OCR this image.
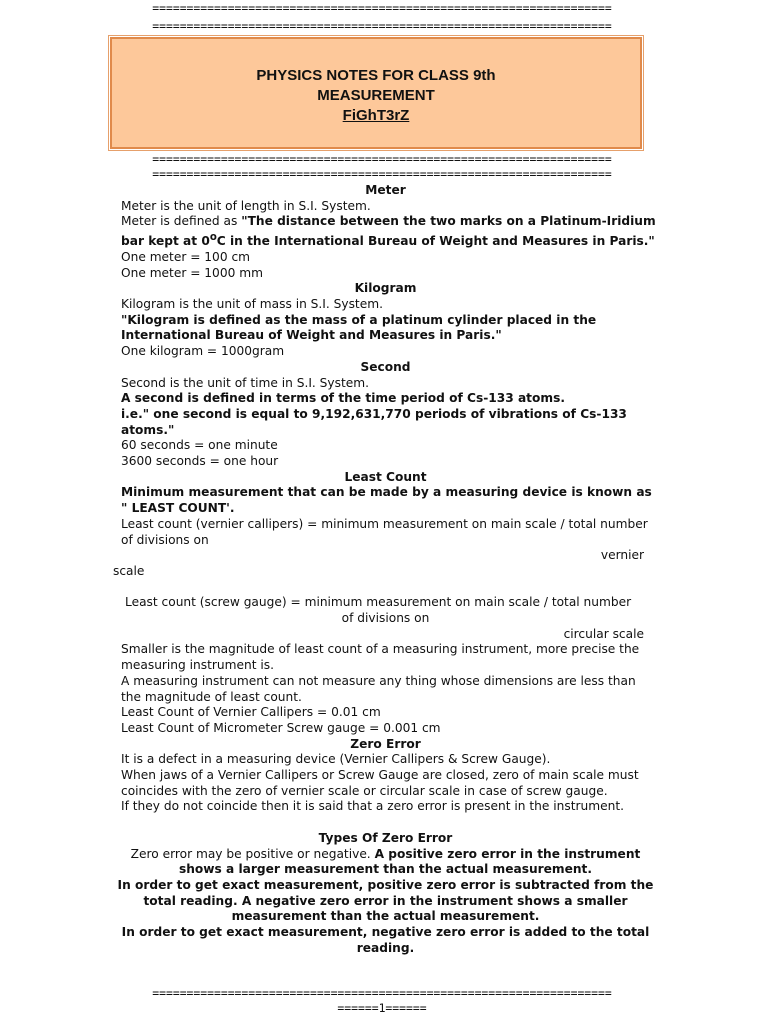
===================================================================
===================================================================
PHYSICS NOTES FOR CLASS 9th
MEASUREMENT
FiGhT3rZ
===================================================================
===================================================================

Meter

Meter is the unit of length in S.I. System.

Meter is defined as "The distance between the two marks on a Platinum-Iridium bar kept at 0$^o$C in the International Bureau of Weight and Measures in Paris."

One meter = 100 cm

One meter = 1000 mm

Kilogram

Kilogram is the unit of mass in S.I. System.

"Kilogram is defined as the mass of a platinum cylinder placed in the International Bureau of Weight and Measures in Paris."

One kilogram = 1000gram

Second

Second is the unit of time in S.I. System.

A second is defined in terms of the time period of Cs-133 atoms.

i.e." one second is equal to 9,192,631,770 periods of vibrations of Cs-133 atoms."

60 seconds = one minute

3600 seconds = one hour

Least Count

Minimum measurement that can be made by a measuring device is known as " LEAST COUNT'.

Least count (vernier callipers) = minimum measurement on main scale / total number of divisions on

vernier

scale

Least count (screw gauge) = minimum measurement on main scale / total number

of divisions on

circular scale

Smaller is the magnitude of least count of a measuring instrument, more precise the measuring instrument is.

A measuring instrument can not measure any thing whose dimensions are less than the magnitude of least count.

Least Count of Vernier Callipers = 0.01 cm

Least Count of Micrometer Screw gauge = 0.001 cm

Zero Error

It is a defect in a measuring device (Vernier Callipers & Screw Gauge).

When jaws of a Vernier Callipers or Screw Gauge are closed, zero of main scale must coincides with the zero of vernier scale or circular scale in case of screw gauge.

If they do not coincide then it is said that a zero error is present in the instrument.

Types Of Zero Error

Zero error may be positive or negative. A positive zero error in the instrument shows a larger measurement than the actual measurement.

In order to get exact measurement, positive zero error is subtracted from the total reading. A negative zero error in the instrument shows a smaller measurement than the actual measurement.

In order to get exact measurement, negative zero error is added to the total reading.

===================================================================
======1======
